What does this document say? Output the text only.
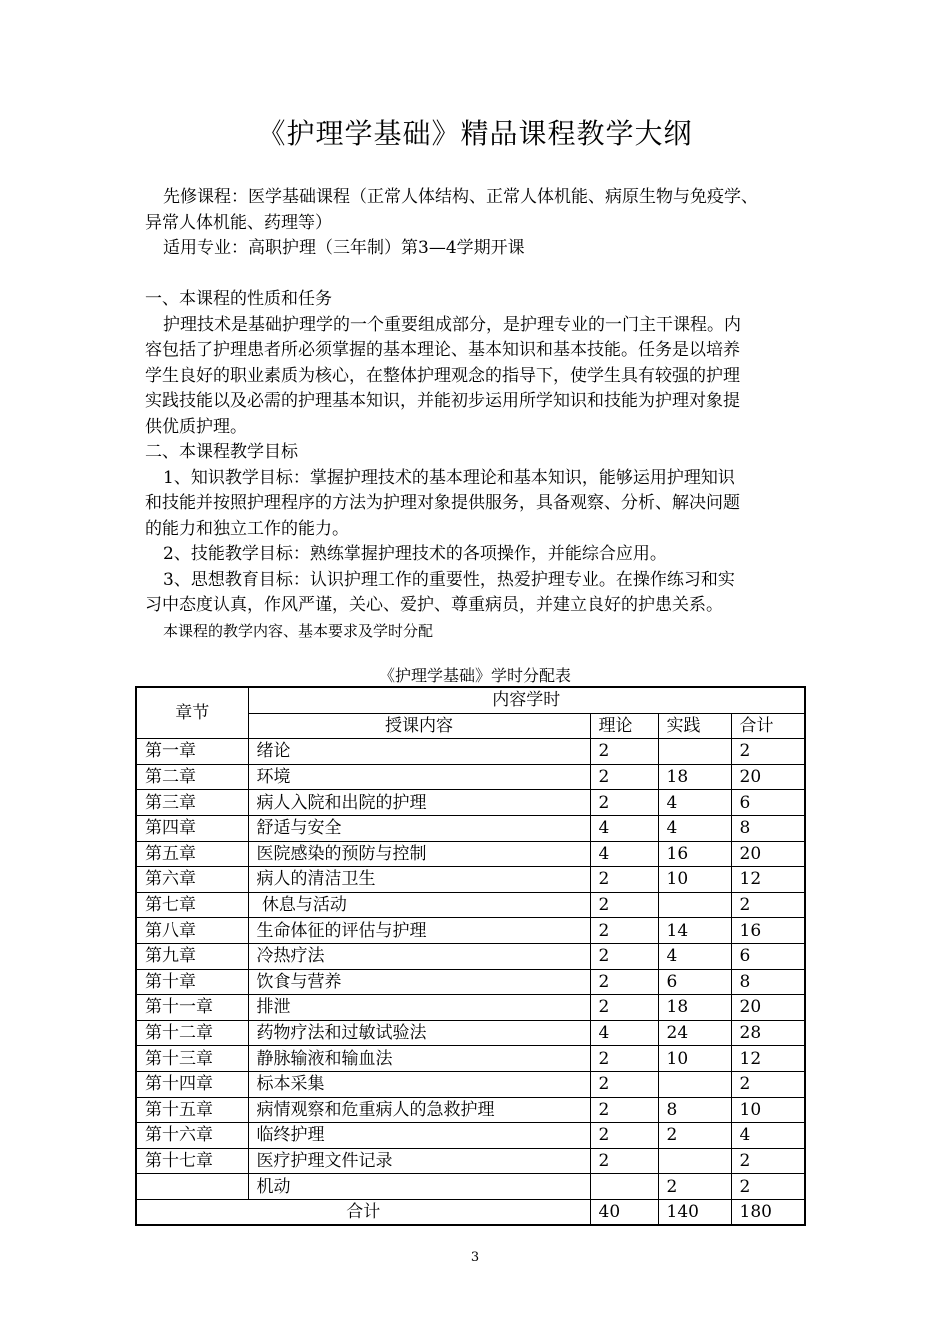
《护理学基础》精品课程教学大纲
先修课程：医学基础课程（正常人体结构、正常人体机能、病原生物与免疫学、
异常人体机能、药理等）
适用专业：高职护理（三年制）第3—4学期开课
一、本课程的性质和任务
护理技术是基础护理学的一个重要组成部分，是护理专业的一门主干课程。内
容包括了护理患者所必须掌握的基本理论、基本知识和基本技能。任务是以培养
学生良好的职业素质为核心，在整体护理观念的指导下，使学生具有较强的护理
实践技能以及必需的护理基本知识，并能初步运用所学知识和技能为护理对象提
供优质护理。
二、本课程教学目标
1、知识教学目标：掌握护理技术的基本理论和基本知识，能够运用护理知识
和技能并按照护理程序的方法为护理对象提供服务，具备观察、分析、解决问题
的能力和独立工作的能力。
2、技能教学目标：熟练掌握护理技术的各项操作，并能综合应用。
3、思想教育目标：认识护理工作的重要性，热爱护理专业。在操作练习和实
习中态度认真，作风严谨，关心、爱护、尊重病员，并建立良好的护患关系。
本课程的教学内容、基本要求及学时分配
《护理学基础》学时分配表
章节	内容学时			
	授课内容	理论	实践	合计
第一章	绪论	2		2
第二章	环境	2	18	20
第三章	病人入院和出院的护理	2	4	6
第四章	舒适与安全	4	4	8
第五章	医院感染的预防与控制	4	16	20
第六章	病人的清洁卫生	2	10	12
第七章	休息与活动	2		2
第八章	生命体征的评估与护理	2	14	16
第九章	冷热疗法	2	4	6
第十章	饮食与营养	2	6	8
第十一章	排泄	2	18	20
第十二章	药物疗法和过敏试验法	4	24	28
第十三章	静脉输液和输血法	2	10	12
第十四章	标本采集	2		2
第十五章	病情观察和危重病人的急救护理	2	8	10
第十六章	临终护理	2	2	4
第十七章	医疗护理文件记录	2		2
	机动		2	2
合计		40	140	180
3
